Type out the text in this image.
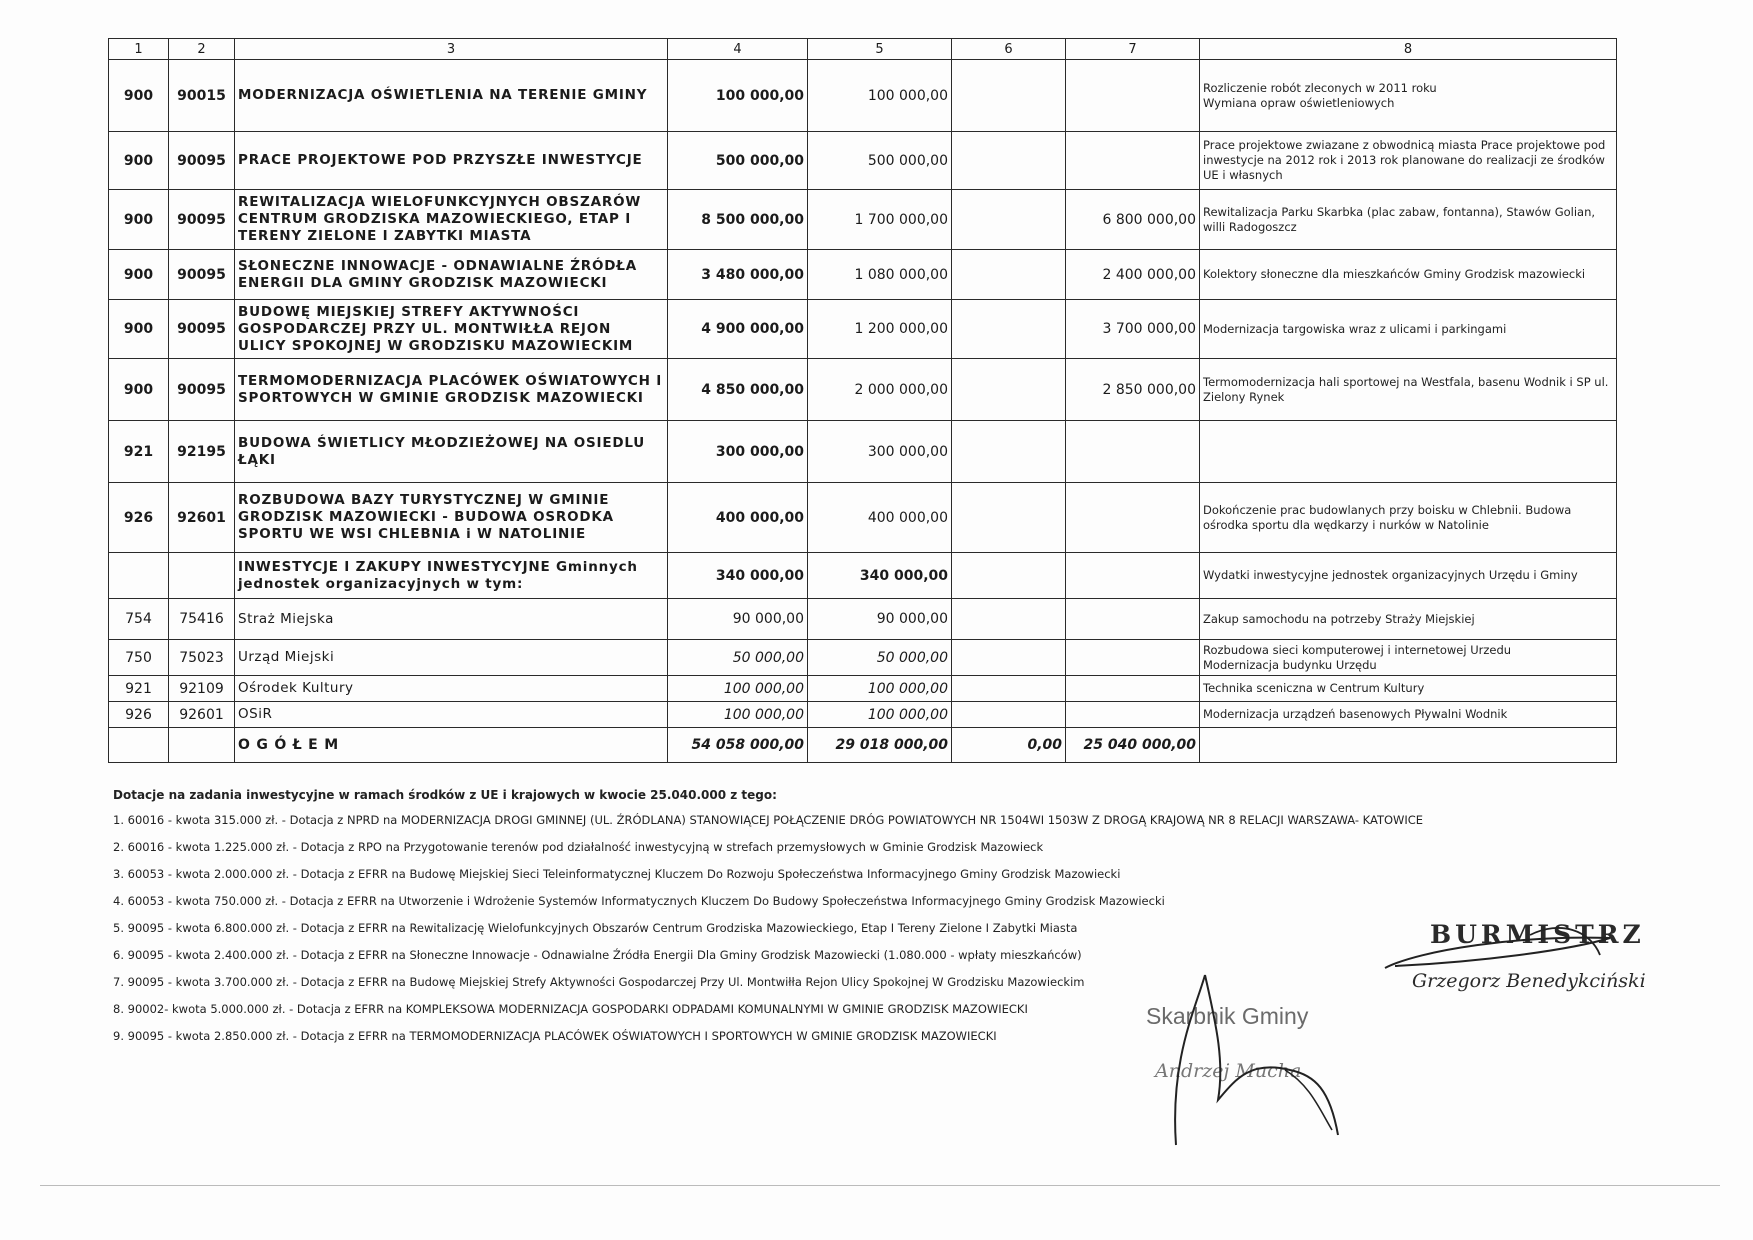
1	2	3	4	5	6	7	8
900	90015	MODERNIZACJA OŚWIETLENIA NA TERENIE GMINY	100 000,00	100 000,00			Rozliczenie robót zleconych w 2011 roku
Wymiana opraw oświetleniowych
900	90095	PRACE PROJEKTOWE POD PRZYSZŁE INWESTYCJE	500 000,00	500 000,00			Prace projektowe zwiazane z obwodnicą miasta Prace projektowe pod inwestycje na 2012 rok i 2013 rok planowane do realizacji ze środków UE i własnych
900	90095	REWITALIZACJA WIELOFUNKCYJNYCH OBSZARÓW CENTRUM GRODZISKA MAZOWIECKIEGO, ETAP I TERENY ZIELONE I ZABYTKI MIASTA	8 500 000,00	1 700 000,00		6 800 000,00	Rewitalizacja Parku Skarbka (plac zabaw, fontanna), Stawów Golian, willi Radogoszcz
900	90095	SŁONECZNE INNOWACJE - ODNAWIALNE ŹRÓDŁA ENERGII DLA GMINY GRODZISK MAZOWIECKI	3 480 000,00	1 080 000,00		2 400 000,00	Kolektory słoneczne dla mieszkańców Gminy Grodzisk mazowiecki
900	90095	BUDOWĘ MIEJSKIEJ STREFY AKTYWNOŚCI GOSPODARCZEJ PRZY UL. MONTWIŁŁA REJON ULICY SPOKOJNEJ W GRODZISKU MAZOWIECKIM	4 900 000,00	1 200 000,00		3 700 000,00	Modernizacja targowiska wraz z ulicami i parkingami
900	90095	TERMOMODERNIZACJA PLACÓWEK OŚWIATOWYCH I SPORTOWYCH W GMINIE GRODZISK MAZOWIECKI	4 850 000,00	2 000 000,00		2 850 000,00	Termomodernizacja hali sportowej na Westfala, basenu Wodnik i SP ul. Zielony Rynek
921	92195	BUDOWA ŚWIETLICY MŁODZIEŻOWEJ NA OSIEDLU ŁĄKI	300 000,00	300 000,00			
926	92601	ROZBUDOWA BAZY TURYSTYCZNEJ W GMINIE GRODZISK MAZOWIECKI - BUDOWA OSRODKA SPORTU WE WSI CHLEBNIA i W NATOLINIE	400 000,00	400 000,00			Dokończenie prac budowlanych przy boisku w Chlebnii. Budowa ośrodka sportu dla wędkarzy i nurków w Natolinie
		INWESTYCJE I ZAKUPY INWESTYCYJNE Gminnych jednostek organizacyjnych w tym:	340 000,00	340 000,00			Wydatki inwestycyjne jednostek organizacyjnych Urzędu i Gminy
754	75416	Straż Miejska	90 000,00	90 000,00			Zakup samochodu na potrzeby Straży Miejskiej
750	75023	Urząd Miejski	50 000,00	50 000,00			Rozbudowa sieci komputerowej i internetowej Urzedu
Modernizacja budynku Urzędu
921	92109	Ośrodek Kultury	100 000,00	100 000,00			Technika sceniczna w Centrum Kultury
926	92601	OSiR	100 000,00	100 000,00			Modernizacja urządzeń basenowych Pływalni Wodnik
		O G Ó Ł E M	54 058 000,00	29 018 000,00	0,00	25 040 000,00	
Dotacje na zadania inwestycyjne w ramach środków z UE i krajowych w kwocie 25.040.000 z tego:
1. 60016 - kwota 315.000 zł. - Dotacja z NPRD na MODERNIZACJA DROGI GMINNEJ (UL. ŹRÓDLANA) STANOWIĄCEJ POŁĄCZENIE DRÓG POWIATOWYCH NR 1504WI 1503W Z DROGĄ KRAJOWĄ NR 8 RELACJI WARSZAWA- KATOWICE
2. 60016 - kwota 1.225.000 zł. - Dotacja z RPO na Przygotowanie terenów pod działalność inwestycyjną w strefach przemysłowych w Gminie Grodzisk Mazowieck
3. 60053 - kwota 2.000.000 zł. - Dotacja z EFRR na Budowę Miejskiej Sieci Teleinformatycznej Kluczem Do Rozwoju Społeczeństwa Informacyjnego Gminy Grodzisk Mazowiecki
4. 60053 - kwota 750.000 zł. - Dotacja z EFRR na Utworzenie i Wdrożenie Systemów Informatycznych Kluczem Do Budowy Społeczeństwa Informacyjnego Gminy Grodzisk Mazowiecki
5. 90095 - kwota 6.800.000 zł. - Dotacja z EFRR na Rewitalizację Wielofunkcyjnych Obszarów Centrum Grodziska Mazowieckiego, Etap I Tereny Zielone I Zabytki Miasta
6. 90095 - kwota 2.400.000 zł. - Dotacja z EFRR na Słoneczne Innowacje - Odnawialne Źródła Energii Dla Gminy Grodzisk Mazowiecki (1.080.000 - wpłaty mieszkańców)
7. 90095 - kwota 3.700.000 zł. - Dotacja z EFRR na Budowę Miejskiej Strefy Aktywności Gospodarczej Przy Ul. Montwiłła Rejon Ulicy Spokojnej W Grodzisku Mazowieckim
8. 90002- kwota 5.000.000 zł. - Dotacja z EFRR na KOMPLEKSOWA MODERNIZACJA GOSPODARKI ODPADAMI KOMUNALNYMI W GMINIE GRODZISK MAZOWIECKI
9. 90095 - kwota 2.850.000 zł. - Dotacja z EFRR na TERMOMODERNIZACJA PLACÓWEK OŚWIATOWYCH I SPORTOWYCH W GMINIE GRODZISK MAZOWIECKI
BURMISTRZ
Grzegorz Benedykciński
Skarbnik Gminy
Andrzej Mucha
